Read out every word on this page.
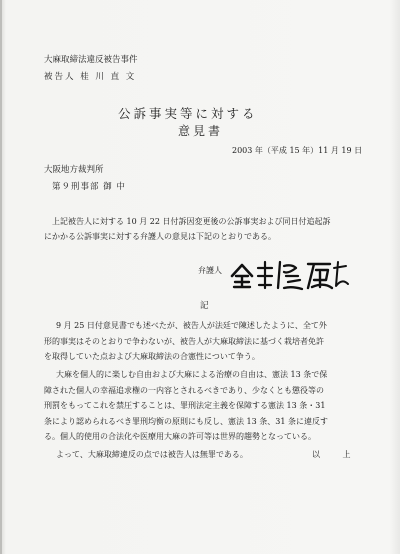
大麻取締法違反被告事件
被告人 桂 川 直 文
公訴事実等に対する
意見書
2003 年（平成 15 年）11 月 19 日
大阪地方裁判所
第９刑事部 御 中
上記被告人に対する 10 月 22 日付訴因変更後の公訴事実および同日付追起訴
にかかる公訴事実に対する弁護人の意見は下記のとおりである。
弁護人
記
9 月 25 日付意見書でも述べたが、被告人が法廷で陳述したように、全て外
形的事実はそのとおりで争わないが、被告人が大麻取締法に基づく栽培者免許
を取得していた点および大麻取締法の合憲性について争う。
大麻を個人的に楽しむ自由および大麻による治療の自由は、憲法 13 条で保
障された個人の幸福追求権の一内容とされるべきであり、少なくとも懲役等の
刑罰をもってこれを禁圧することは、罪刑法定主義を保障する憲法 13 条・31
条により認められるべき罪刑均衡の原則にも反し、憲法 13 条、31 条に違反す
る。個人的使用の合法化や医療用大麻の許可等は世界的趨勢となっている。
よって、大麻取締違反の点では被告人は無罪である。	以 上
